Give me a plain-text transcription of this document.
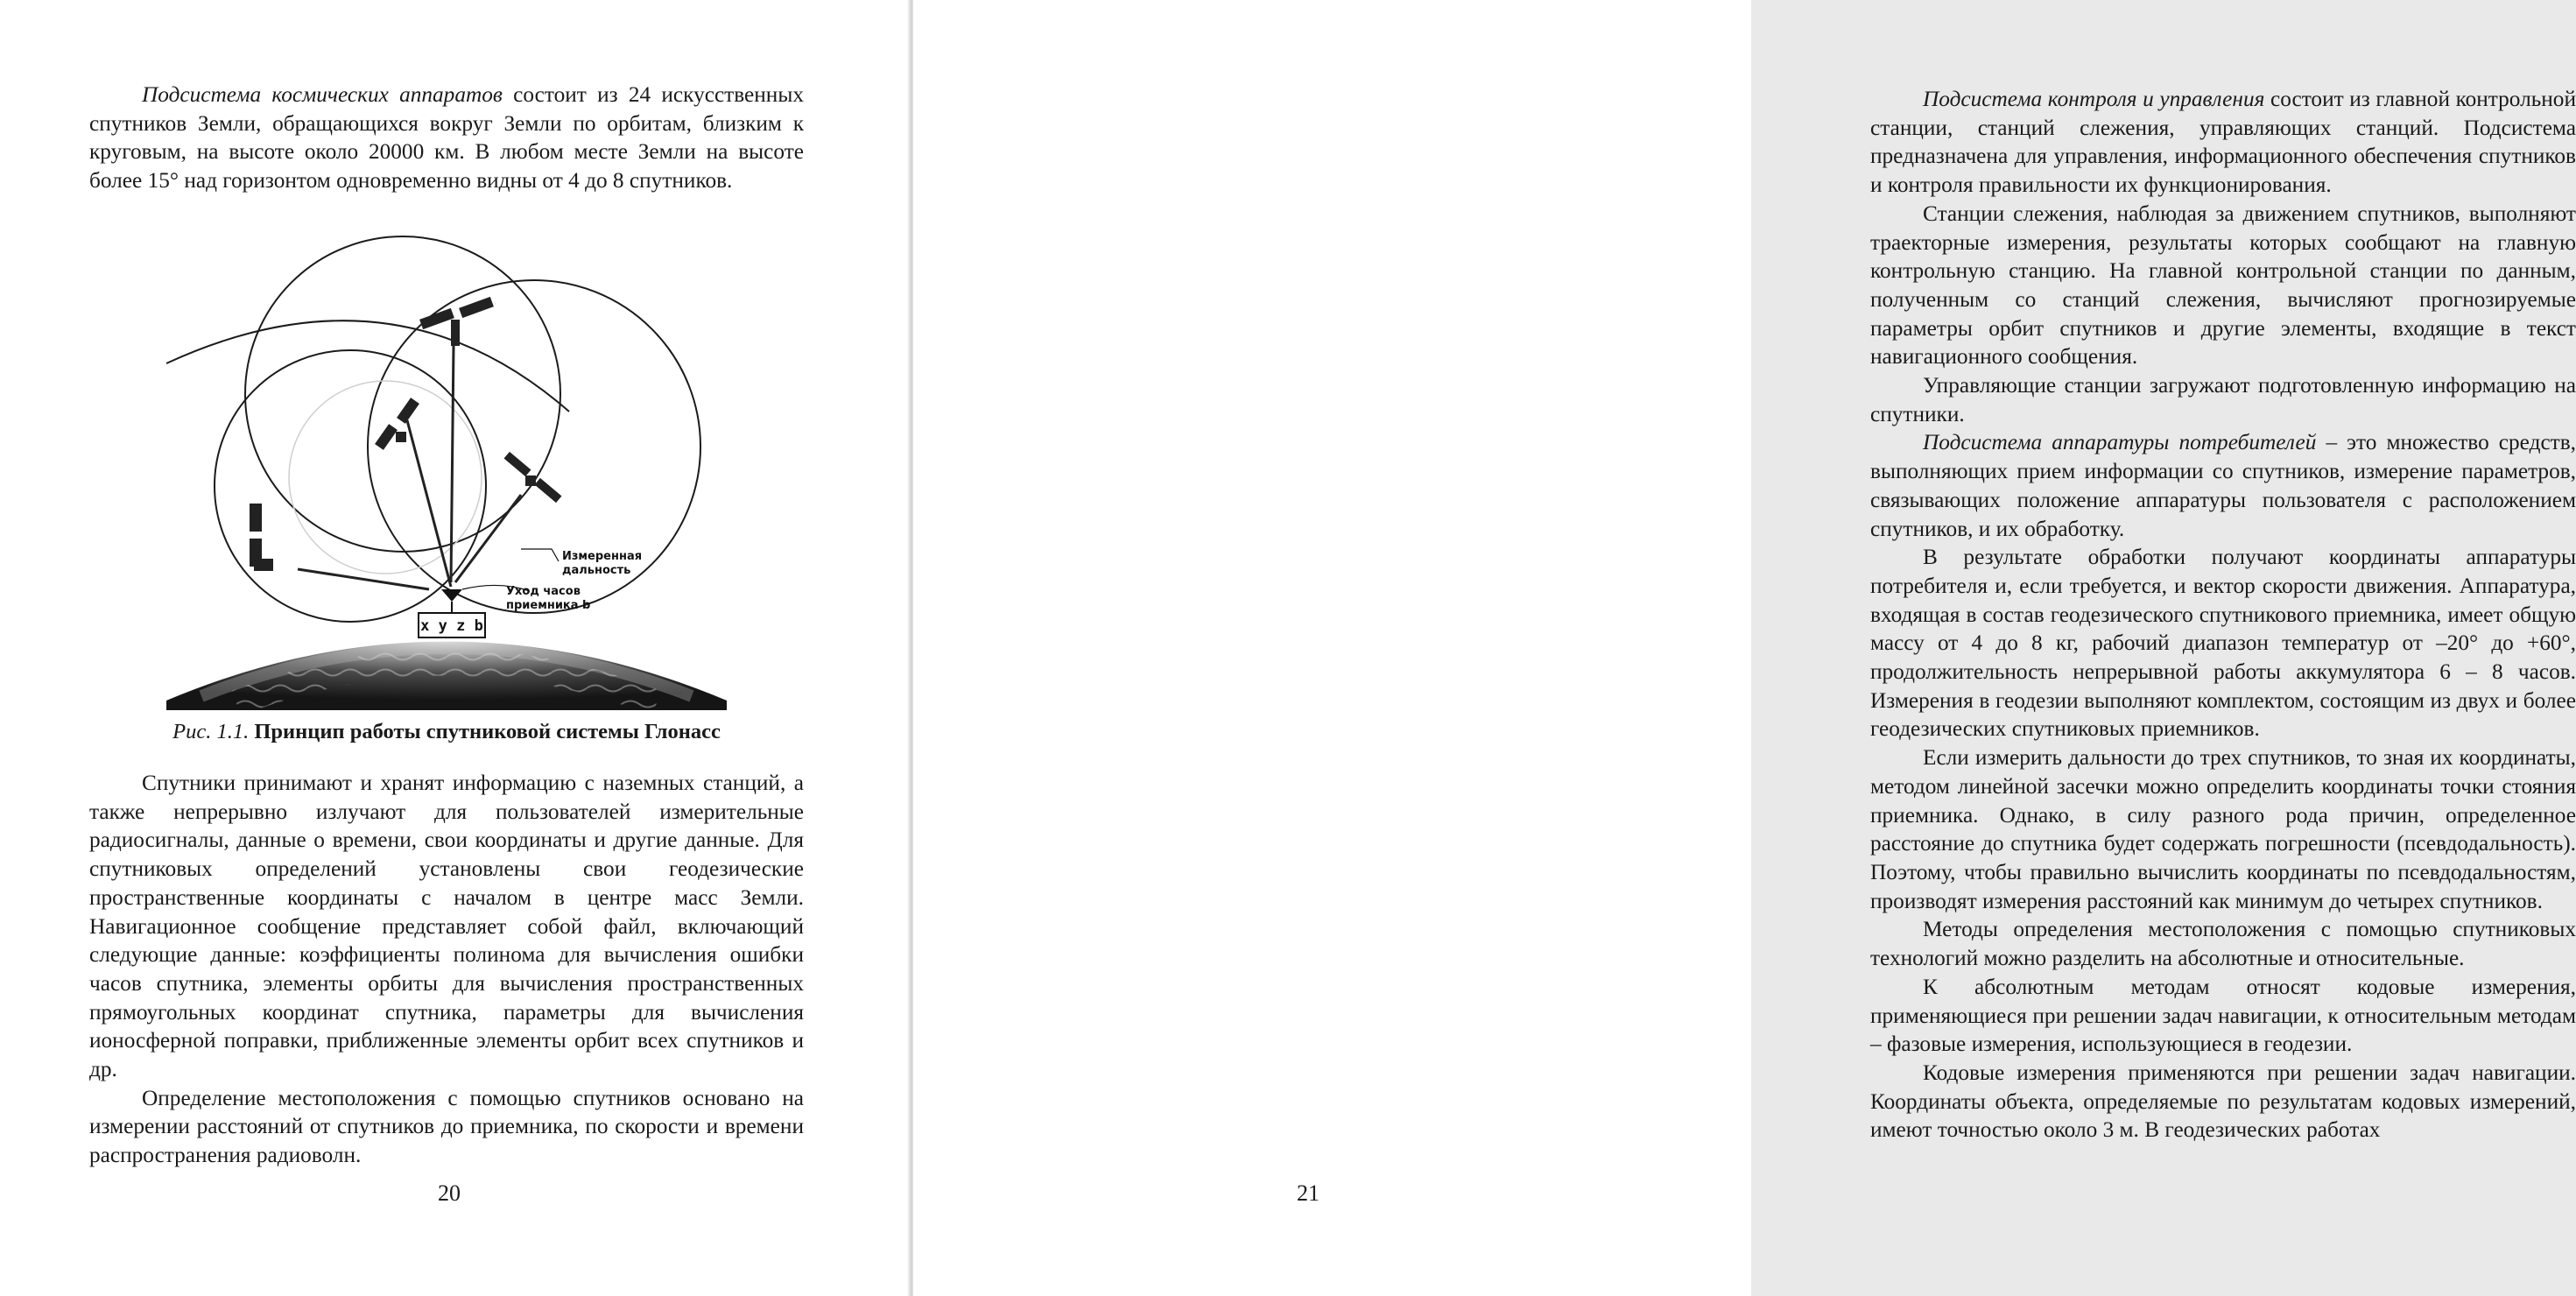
Подсистема космических аппаратов состоит из 24 искусственных спутников Земли, обращающихся вокруг Земли по орбитам, близким к круговым, на высоте около 20000 км. В любом месте Земли на высоте более 15° над горизонтом одновременно видны от 4 до 8 спутников.

x y z b
Измеренная
дальность
Уход часов
приемника b
Рис. 1.1. Принцип работы спутниковой системы Глонасс

Спутники принимают и хранят информацию с наземных станций, а также непрерывно излучают для пользователей измерительные радиосигналы, данные о времени, свои координаты и другие данные. Для спутниковых определений установлены свои геодезические пространственные координаты с началом в центре масс Земли. Навигационное сообщение представляет собой файл, включающий следующие данные: коэффициенты полинома для вычисления ошибки часов спутника, элементы орбиты для вычисления пространственных прямоугольных координат спутника, параметры для вычисления ионосферной поправки, приближенные элементы орбит всех спутников и др.

Определение местоположения с помощью спутников основано на измерении расстояний от спутников до приемника, по скорости и времени распространения радиоволн.

20

Подсистема контроля и управления состоит из главной контрольной станции, станций слежения, управляющих станций. Подсистема предназначена для управления, информационного обеспечения спутников и контроля правильности их функционирования.

Станции слежения, наблюдая за движением спутников, выполняют траекторные измерения, результаты которых сообщают на главную контрольную станцию. На главной контрольной станции по данным, полученным со станций слежения, вычисляют прогнозируемые параметры орбит спутников и другие элементы, входящие в текст навигационного сообщения.

Управляющие станции загружают подготовленную информацию на спутники.

Подсистема аппаратуры потребителей – это множество средств, выполняющих прием информации со спутников, измерение параметров, связывающих положение аппаратуры пользователя с расположением спутников, и их обработку.

В результате обработки получают координаты аппаратуры потребителя и, если требуется, и вектор скорости движения. Аппаратура, входящая в состав геодезического спутникового приемника, имеет общую массу от 4 до 8 кг, рабочий диапазон температур от –20° до +60°, продолжительность непрерывной работы аккумулятора 6 – 8 часов. Измерения в геодезии выполняют комплектом, состоящим из двух и более геодезических спутниковых приемников.

Если измерить дальности до трех спутников, то зная их координаты, методом линейной засечки можно определить координаты точки стояния приемника. Однако, в силу разного рода причин, определенное расстояние до спутника будет содержать погрешности (псевдодальность). Поэтому, чтобы правильно вычислить координаты по псевдодальностям, производят измерения расстояний как минимум до четырех спутников.

Методы определения местоположения с помощью спутниковых технологий можно разделить на абсолютные и относительные.

К абсолютным методам относят кодовые измерения, применяющиеся при решении задач навигации, к относительным методам – фазовые измерения, использующиеся в геодезии.

Кодовые измерения применяются при решении задач навигации. Координаты объекта, определяемые по результатам кодовых измерений, имеют точностью около 3 м. В геодезических работах

21
